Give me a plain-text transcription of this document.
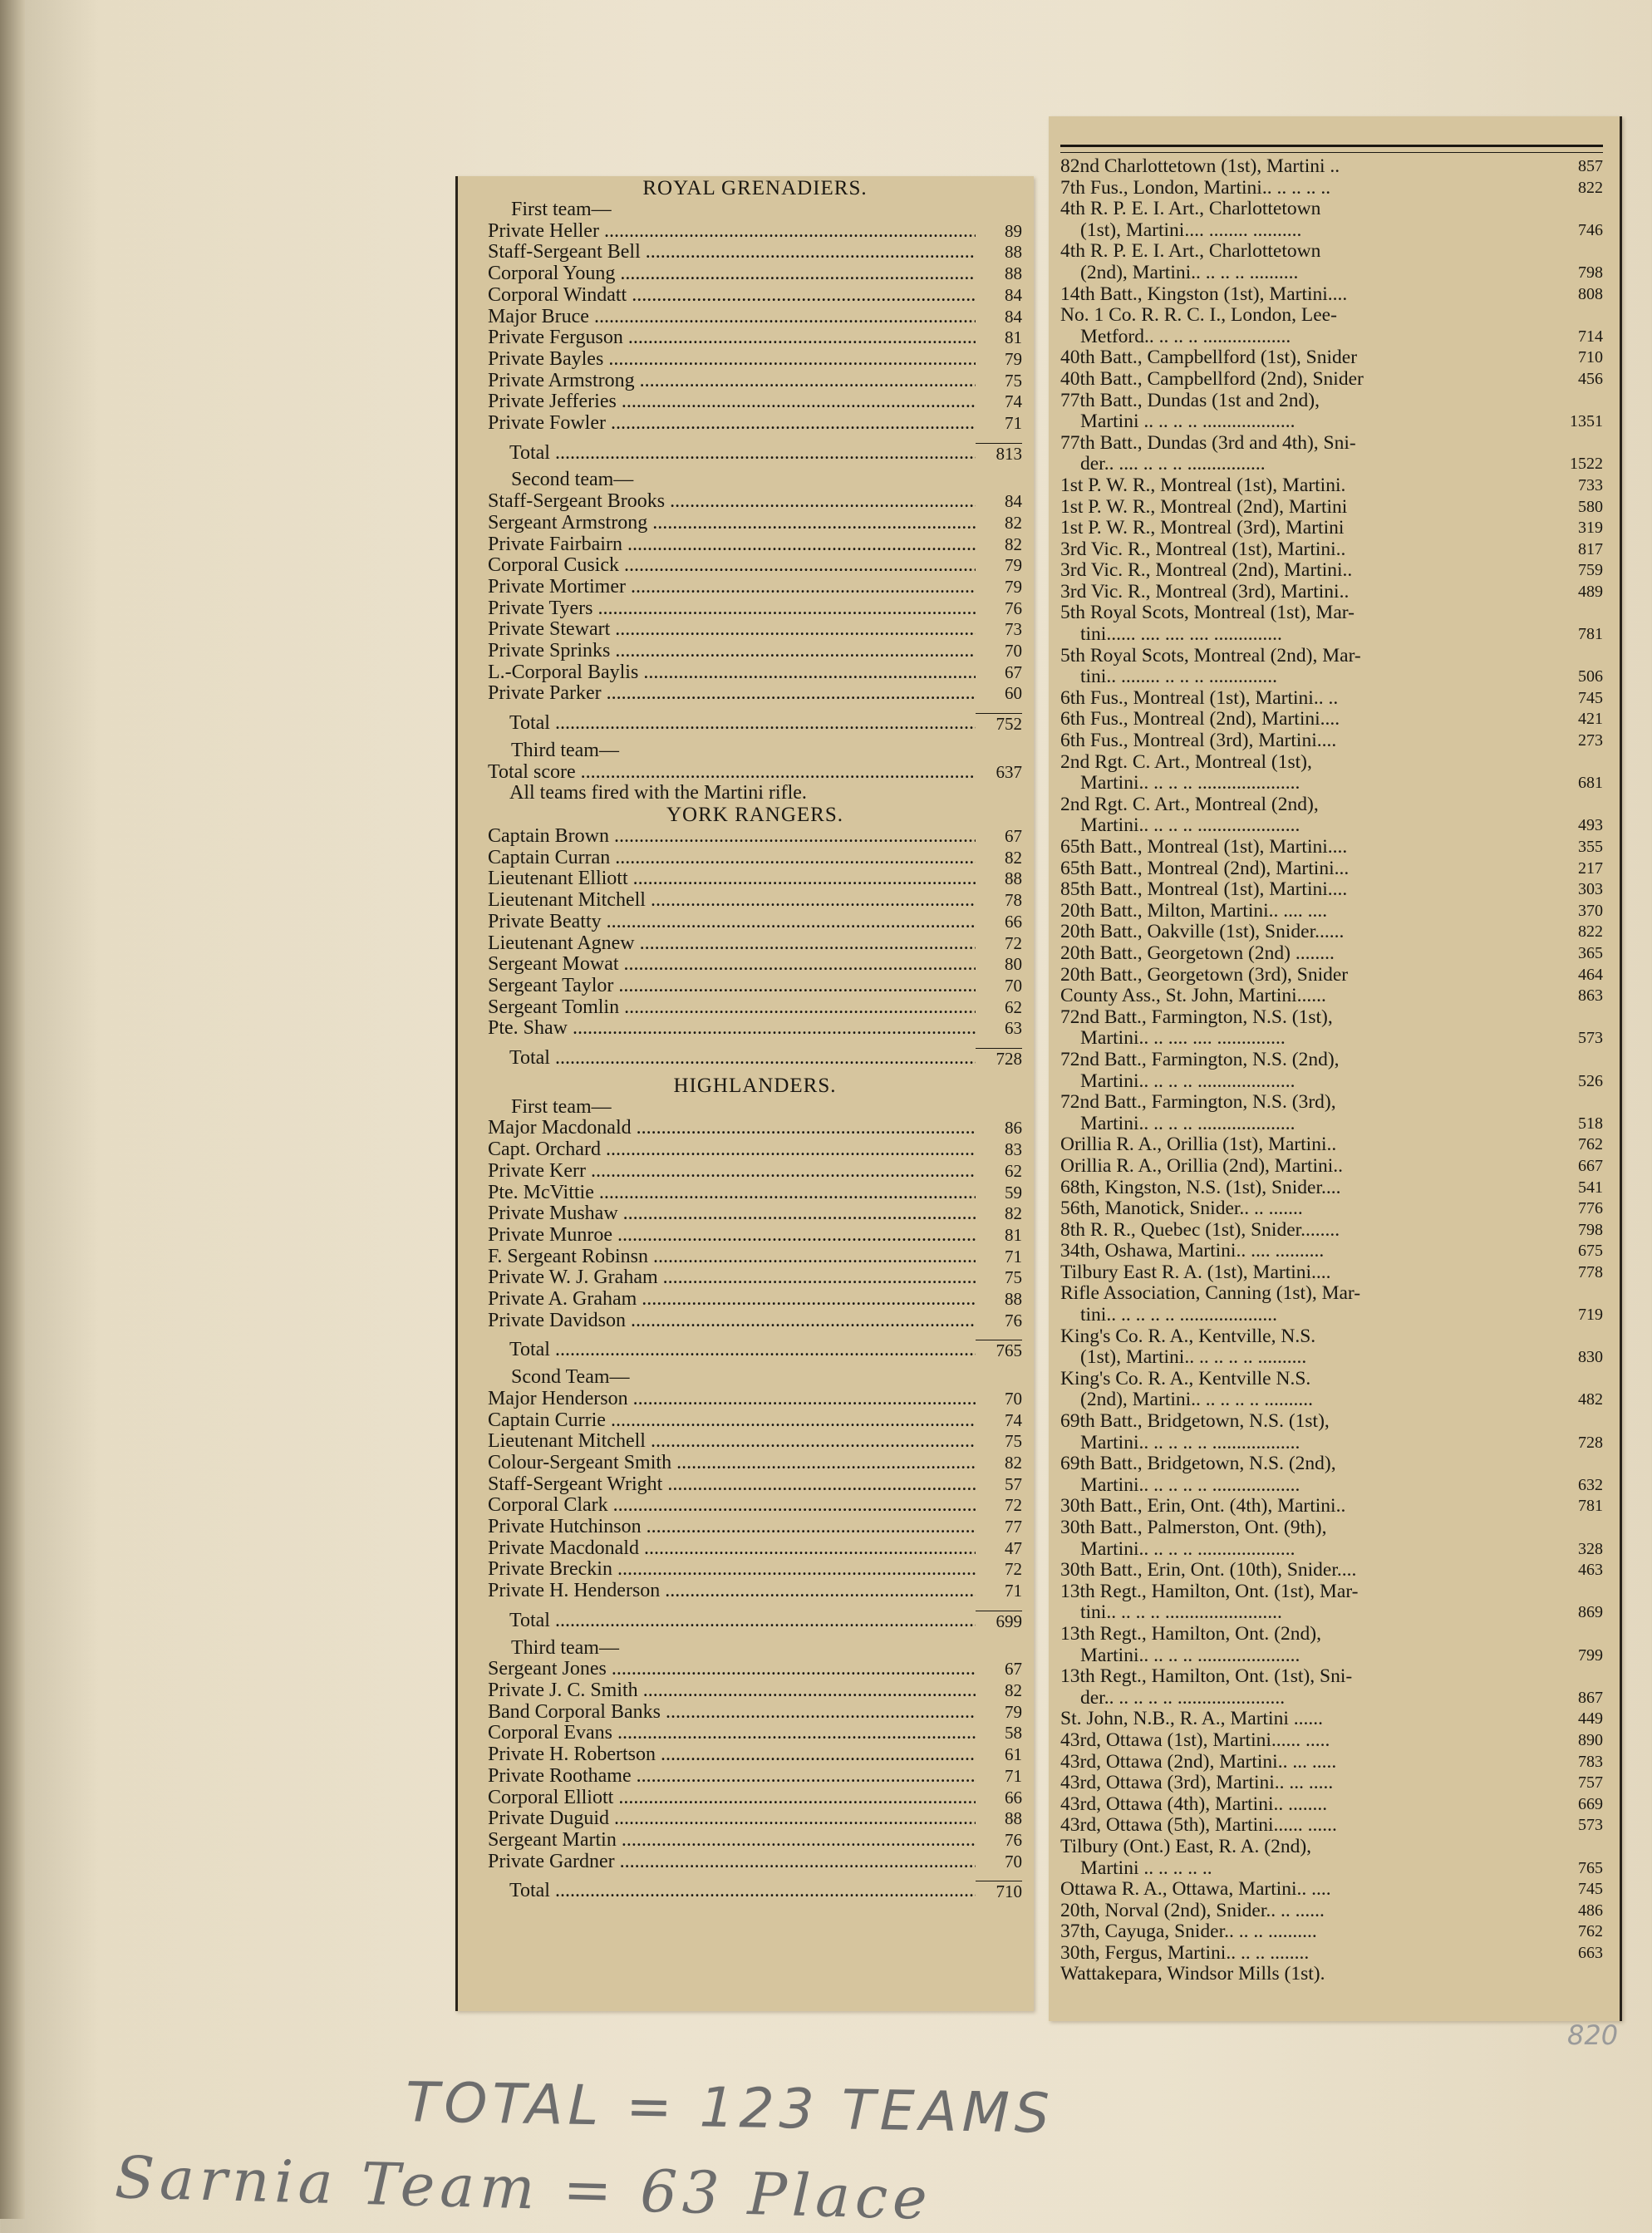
ROYAL GRENADIERS.
First team—
Private Heller .....	89
Staff-Sergeant Bell .....	88
Corporal Young .....	88
Corporal Windatt .....	84
Major Bruce .....	84
Private Ferguson .....	81
Private Bayles .....	79
Private Armstrong .....	75
Private Jefferies .....	74
Private Fowler .....	71
Total .....	813
Second team—
Staff-Sergeant Brooks .....	84
Sergeant Armstrong .....	82
Private Fairbairn .....	82
Corporal Cusick .....	79
Private Mortimer .....	79
Private Tyers .....	76
Private Stewart .....	73
Private Sprinks .....	70
L.-Corporal Baylis .....	67
Private Parker .....	60
Total .....	752
Third team—
Total score .....	637
All teams fired with the Martini rifle.
YORK RANGERS.
Captain Brown .....	67
Captain Curran .....	82
Lieutenant Elliott .....	88
Lieutenant Mitchell .....	78
Private Beatty .....	66
Lieutenant Agnew .....	72
Sergeant Mowat .....	80
Sergeant Taylor .....	70
Sergeant Tomlin .....	62
Pte. Shaw .....	63
Total .....	728
HIGHLANDERS.
First team—
Major Macdonald .....	86
Capt. Orchard .....	83
Private Kerr .....	62
Pte. McVittie .....	59
Private Mushaw .....	82
Private Munroe .....	81
F. Sergeant Robinsn .....	71
Private W. J. Graham .....	75
Private A. Graham .....	88
Private Davidson .....	76
Total .....	765
Scond Team—
Major Henderson .....	70
Captain Currie .....	74
Lieutenant Mitchell .....	75
Colour-Sergeant Smith .....	82
Staff-Sergeant Wright .....	57
Corporal Clark .....	72
Private Hutchinson .....	77
Private Macdonald .....	47
Private Breckin .....	72
Private H. Henderson .....	71
Total .....	699
Third team—
Sergeant Jones .....	67
Private J. C. Smith .....	82
Band Corporal Banks .....	79
Corporal Evans .....	58
Private H. Robertson .....	61
Private Roothame .....	71
Corporal Elliott .....	66
Private Duguid .....	88
Sergeant Martin .....	76
Private Gardner .....	70
Total .....	710
82nd Charlottetown (1st), Martini ..	857
7th Fus., London, Martini.. .. .. .. ..	822
4th R. P. E. I. Art., Charlottetown
(1st), Martini.... ........ ..........	746
4th R. P. E. I. Art., Charlottetown
(2nd), Martini.. .. .. .. ..........	798
14th Batt., Kingston (1st), Martini....	808
No. 1 Co. R. R. C. I., London, Lee-
Metford.. .. .. .. ..................	714
40th Batt., Campbellford (1st), Snider	710
40th Batt., Campbellford (2nd), Snider	456
77th Batt., Dundas (1st and 2nd),
Martini .. .. .. .. ...................	1351
77th Batt., Dundas (3rd and 4th), Sni-
der.. .... .. .. .. ................	1522
1st P. W. R., Montreal (1st), Martini.	733
1st P. W. R., Montreal (2nd), Martini	580
1st P. W. R., Montreal (3rd), Martini	319
3rd Vic. R., Montreal (1st), Martini..	817
3rd Vic. R., Montreal (2nd), Martini..	759
3rd Vic. R., Montreal (3rd), Martini..	489
5th Royal Scots, Montreal (1st), Mar-
tini...... .... .... .... ..............	781
5th Royal Scots, Montreal (2nd), Mar-
tini.. ........ .. .. .. ..............	506
6th Fus., Montreal (1st), Martini.. ..	745
6th Fus., Montreal (2nd), Martini....	421
6th Fus., Montreal (3rd), Martini....	273
2nd Rgt. C. Art., Montreal (1st),
Martini.. .. .. .. .....................	681
2nd Rgt. C. Art., Montreal (2nd),
Martini.. .. .. .. .....................	493
65th Batt., Montreal (1st), Martini....	355
65th Batt., Montreal (2nd), Martini...	217
85th Batt., Montreal (1st), Martini....	303
20th Batt., Milton, Martini.. .... ....	370
20th Batt., Oakville (1st), Snider......	822
20th Batt., Georgetown (2nd) ........	365
20th Batt., Georgetown (3rd), Snider	464
County Ass., St. John, Martini......	863
72nd Batt., Farmington, N.S. (1st),
Martini.. .. .... .... ..............	573
72nd Batt., Farmington, N.S. (2nd),
Martini.. .. .. .. ....................	526
72nd Batt., Farmington, N.S. (3rd),
Martini.. .. .. .. ....................	518
Orillia R. A., Orillia (1st), Martini..	762
Orillia R. A., Orillia (2nd), Martini..	667
68th, Kingston, N.S. (1st), Snider....	541
56th, Manotick, Snider.. .. .......	776
8th R. R., Quebec (1st), Snider........	798
34th, Oshawa, Martini.. .... ..........	675
Tilbury East R. A. (1st), Martini....	778
Rifle Association, Canning (1st), Mar-
tini.. .. .. .. .. ....................	719
King's Co. R. A., Kentville, N.S.
(1st), Martini.. .. .. .. .. ..........	830
King's Co. R. A., Kentville N.S.
(2nd), Martini.. .. .. .. .. ..........	482
69th Batt., Bridgetown, N.S. (1st),
Martini.. .. .. .. .. ..................	728
69th Batt., Bridgetown, N.S. (2nd),
Martini.. .. .. .. .. ..................	632
30th Batt., Erin, Ont. (4th), Martini..	781
30th Batt., Palmerston, Ont. (9th),
Martini.. .. .. .. ....................	328
30th Batt., Erin, Ont. (10th), Snider....	463
13th Regt., Hamilton, Ont. (1st), Mar-
tini.. .. .. .. ........................	869
13th Regt., Hamilton, Ont. (2nd),
Martini.. .. .. .. .....................	799
13th Regt., Hamilton, Ont. (1st), Sni-
der.. .. .. .. .. ......................	867
St. John, N.B., R. A., Martini ......	449
43rd, Ottawa (1st), Martini...... .....	890
43rd, Ottawa (2nd), Martini.. ... .....	783
43rd, Ottawa (3rd), Martini.. ... .....	757
43rd, Ottawa (4th), Martini.. ........	669
43rd, Ottawa (5th), Martini...... ......	573
Tilbury (Ont.) East, R. A. (2nd),
Martini .. .. .. .. ..	765
Ottawa R. A., Ottawa, Martini.. ....	745
20th, Norval (2nd), Snider.. .. ......	486
37th, Cayuga, Snider.. .. .. ..........	762
30th, Fergus, Martini.. .. .. ........	663
Wattakepara, Windsor Mills (1st).
TOTAL = 123 TEAMS
Sarnia Team = 63 Place
820
